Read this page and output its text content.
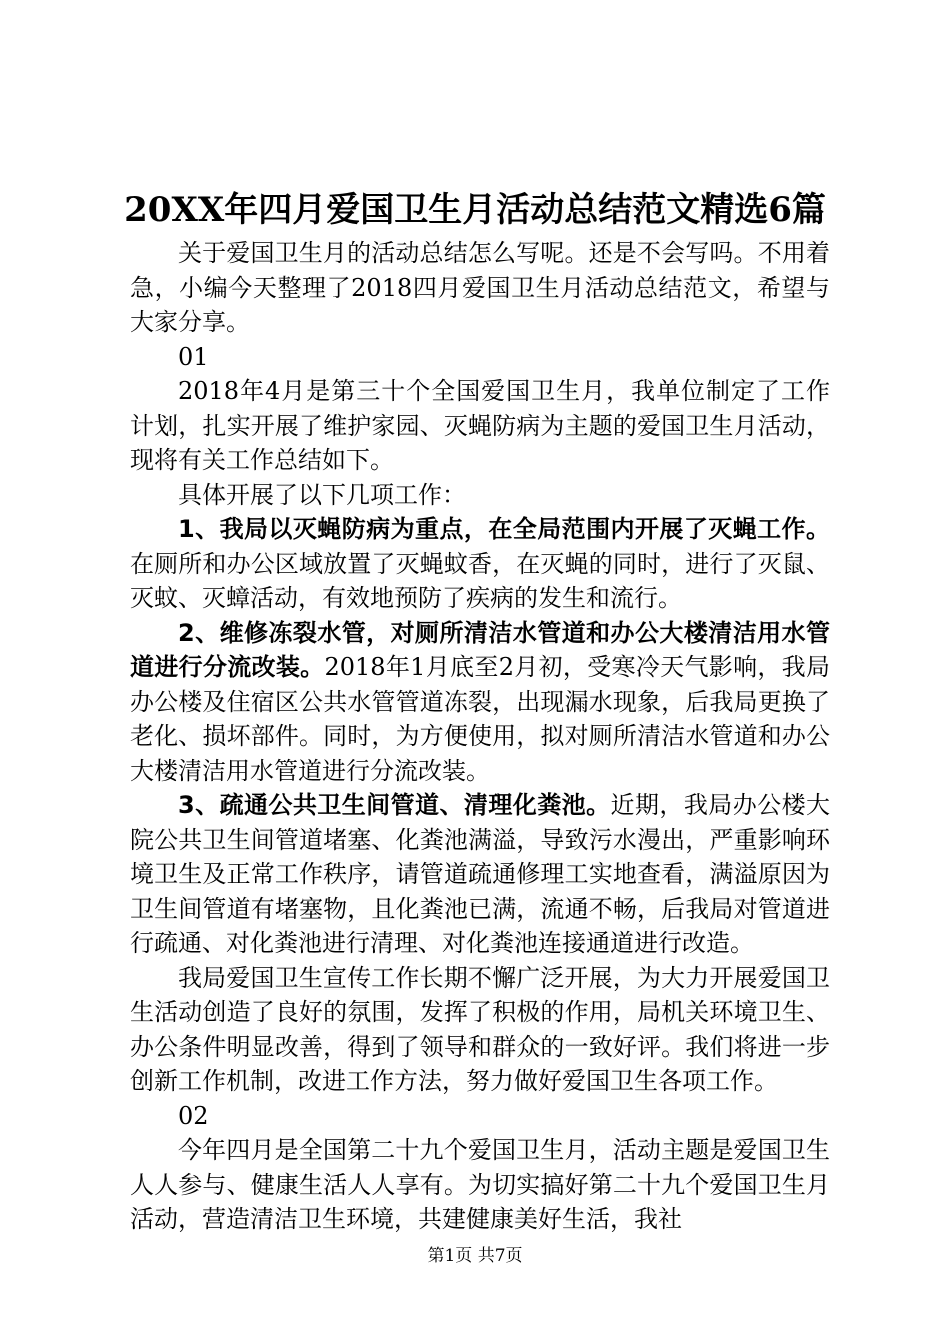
20XX年四月爱国卫生月活动总结范文精选6篇

关于爱国卫生月的活动总结怎么写呢。还是不会写吗。不用着急，小编今天整理了2018四月爱国卫生月活动总结范文，希望与大家分享。

01

2018年4月是第三十个全国爱国卫生月，我单位制定了工作计划，扎实开展了维护家园、灭蝇防病为主题的爱国卫生月活动，现将有关工作总结如下。

具体开展了以下几项工作：

1、我局以灭蝇防病为重点，在全局范围内开展了灭蝇工作。在厕所和办公区域放置了灭蝇蚊香，在灭蝇的同时，进行了灭鼠、灭蚊、灭蟑活动，有效地预防了疾病的发生和流行。

2、维修冻裂水管，对厕所清洁水管道和办公大楼清洁用水管道进行分流改装。2018年1月底至2月初，受寒冷天气影响，我局办公楼及住宿区公共水管管道冻裂，出现漏水现象，后我局更换了老化、损坏部件。同时，为方便使用，拟对厕所清洁水管道和办公大楼清洁用水管道进行分流改装。

3、疏通公共卫生间管道、清理化粪池。近期，我局办公楼大院公共卫生间管道堵塞、化粪池满溢，导致污水漫出，严重影响环境卫生及正常工作秩序，请管道疏通修理工实地查看，满溢原因为卫生间管道有堵塞物，且化粪池已满，流通不畅，后我局对管道进行疏通、对化粪池进行清理、对化粪池连接通道进行改造。

我局爱国卫生宣传工作长期不懈广泛开展，为大力开展爱国卫生活动创造了良好的氛围，发挥了积极的作用，局机关环境卫生、办公条件明显改善，得到了领导和群众的一致好评。我们将进一步创新工作机制，改进工作方法，努力做好爱国卫生各项工作。

02

今年四月是全国第二十九个爱国卫生月，活动主题是爱国卫生人人参与、健康生活人人享有。为切实搞好第二十九个爱国卫生月活动，营造清洁卫生环境，共建健康美好生活，我社

第1页 共7页
